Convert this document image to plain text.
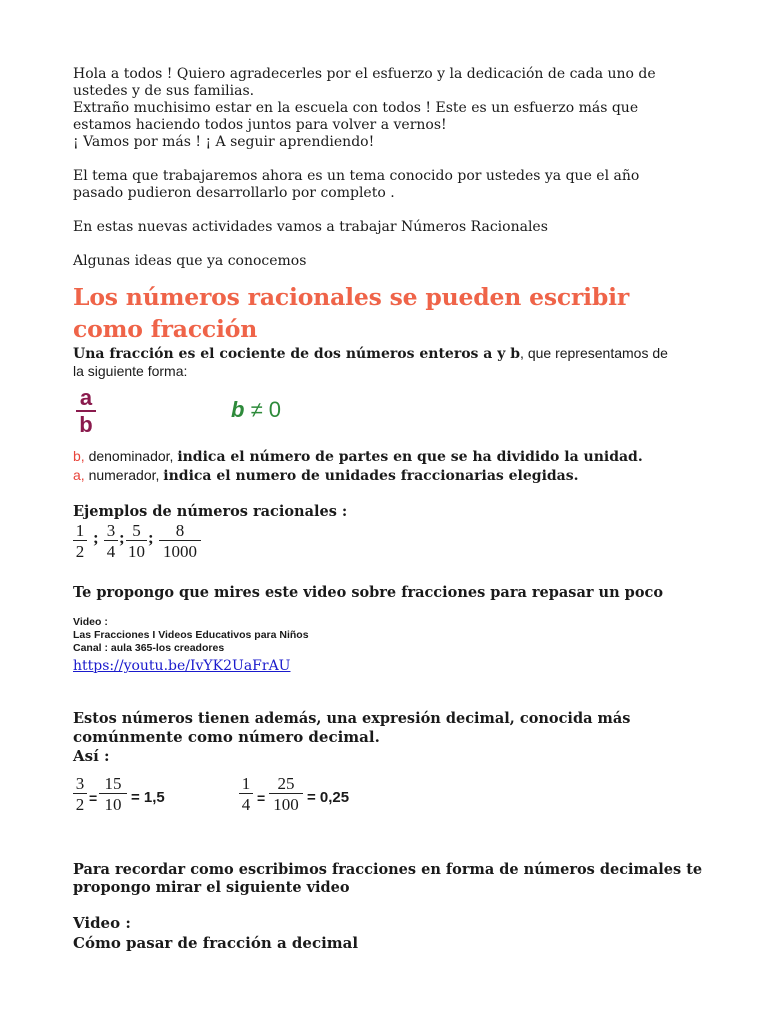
Hola a todos ! Quiero agradecerles por el esfuerzo y la dedicación de cada uno de

ustedes y de sus familias.

Extraño muchisimo estar en la escuela con todos ! Este es un esfuerzo más que

estamos haciendo todos juntos para volver a vernos!

¡ Vamos por más ! ¡ A seguir aprendiendo!

El tema que trabajaremos ahora es un tema conocido por ustedes ya que el año

pasado pudieron desarrollarlo por completo .

En estas nuevas actividades vamos a trabajar Números Racionales

Algunas ideas que ya conocemos

Los números racionales se pueden escribir
como fracción

Una fracción es el cociente de dos números enteros a y b, que representamos de

la siguiente forma:

a
b
b ≠ 0

b, denominador, indica el número de partes en que se ha dividido la unidad.

a, numerador, indica el numero de unidades fraccionarias elegidas.

Ejemplos de números racionales :

1
2
; 3
4
; 5
10
;	8
1000

Te propongo que mires este video sobre fracciones para repasar un poco

Video :

Las Fracciones I Videos Educativos para Niños

Canal : aula 365-los creadores

https://youtu.be/IvYK2UaFrAU

Estos números tienen además, una expresión decimal, conocida más

comúnmente como número decimal.

Así :

3
2 =
15
10 = 1,5
1
4 =
25
100 = 0,25

Para recordar como escribimos fracciones en forma de números decimales te

propongo mirar el siguiente video

Video :

Cómo pasar de fracción a decimal
